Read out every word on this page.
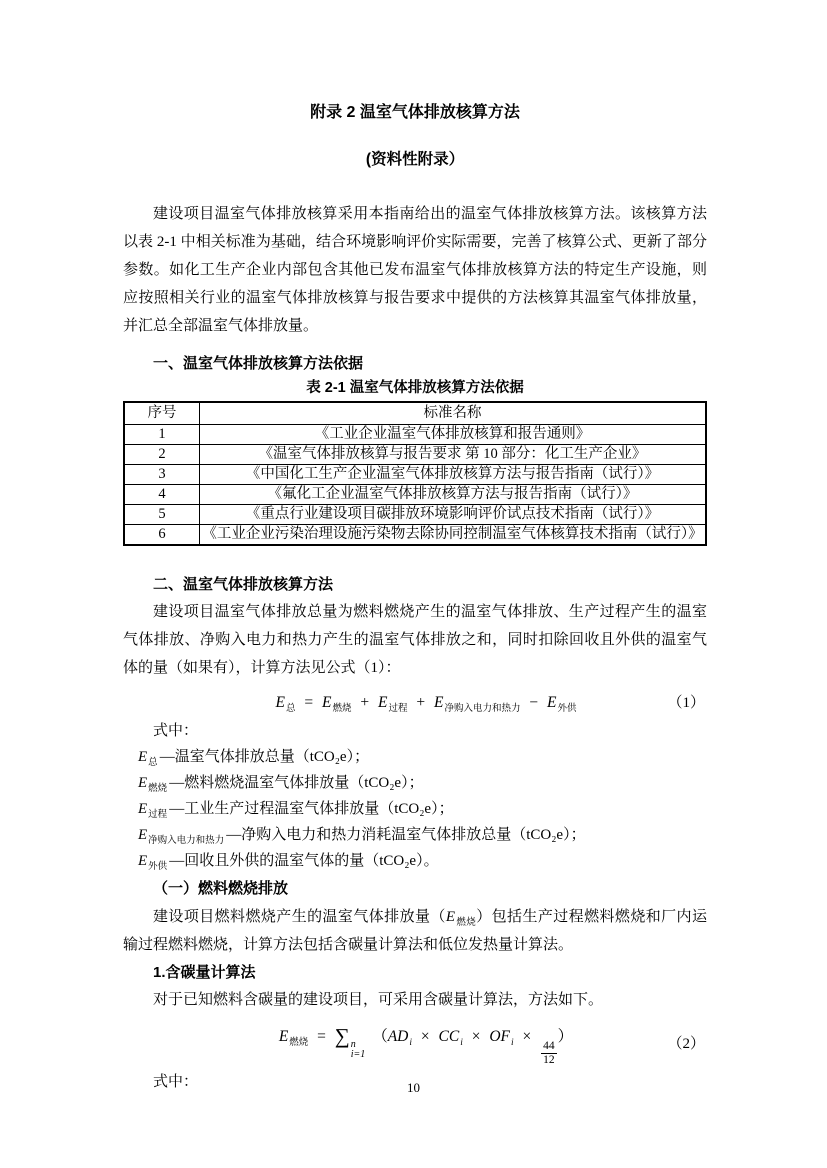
附录 2 温室气体排放核算方法
(资料性附录）

建设项目温室气体排放核算采用本指南给出的温室气体排放核算方法。该核算方法以表 2-1 中相关标准为基础，结合环境影响评价实际需要，完善了核算公式、更新了部分参数。如化工生产企业内部包含其他已发布温室气体排放核算方法的特定生产设施，则应按照相关行业的温室气体排放核算与报告要求中提供的方法核算其温室气体排放量，并汇总全部温室气体排放量。

一、温室气体排放核算方法依据
表 2-1 温室气体排放核算方法依据
序号	标准名称
1	《工业企业温室气体排放核算和报告通则》
2	《温室气体排放核算与报告要求 第 10 部分：化工生产企业》
3	《中国化工生产企业温室气体排放核算方法与报告指南（试行）》
4	《氟化工企业温室气体排放核算方法与报告指南（试行）》
5	《重点行业建设项目碳排放环境影响评价试点技术指南（试行）》
6	《工业企业污染治理设施污染物去除协同控制温室气体核算技术指南（试行）》
二、温室气体排放核算方法

建设项目温室气体排放总量为燃料燃烧产生的温室气体排放、生产过程产生的温室气体排放、净购入电力和热力产生的温室气体排放之和，同时扣除回收且外供的温室气体的量（如果有），计算方法见公式（1）：

$E_总 = E_{燃烧} + E_{过程} + E_{净购入电力和热力} - E_{外供}$	（1）

式中：

$E_总$ —温室气体排放总量（tCO₂e）；
$E_{燃烧}$ —燃料燃烧温室气体排放量（tCO₂e）；
$E_{过程}$ —工业生产过程温室气体排放量（tCO₂e）；
$E_{净购入电力和热力}$ —净购入电力和热力消耗温室气体排放总量（tCO₂e）；
$E_{外供}$ —回收且外供的温室气体的量（tCO₂e）。
（一）燃料燃烧排放

建设项目燃料燃烧产生的温室气体排放量$(E_{燃烧})$包括生产过程燃料燃烧和厂内运输过程燃料燃烧，计算方法包括含碳量计算法和低位发热量计算法。

1.含碳量计算法

对于已知燃料含碳量的建设项目，可采用含碳量计算法，方法如下。

$E_{燃烧}$ = ∑ n
i=1
（$AD_i \times CC_i \times OF_i$ ×
$\frac{44}{12}$
）	（2）

式中：	10
